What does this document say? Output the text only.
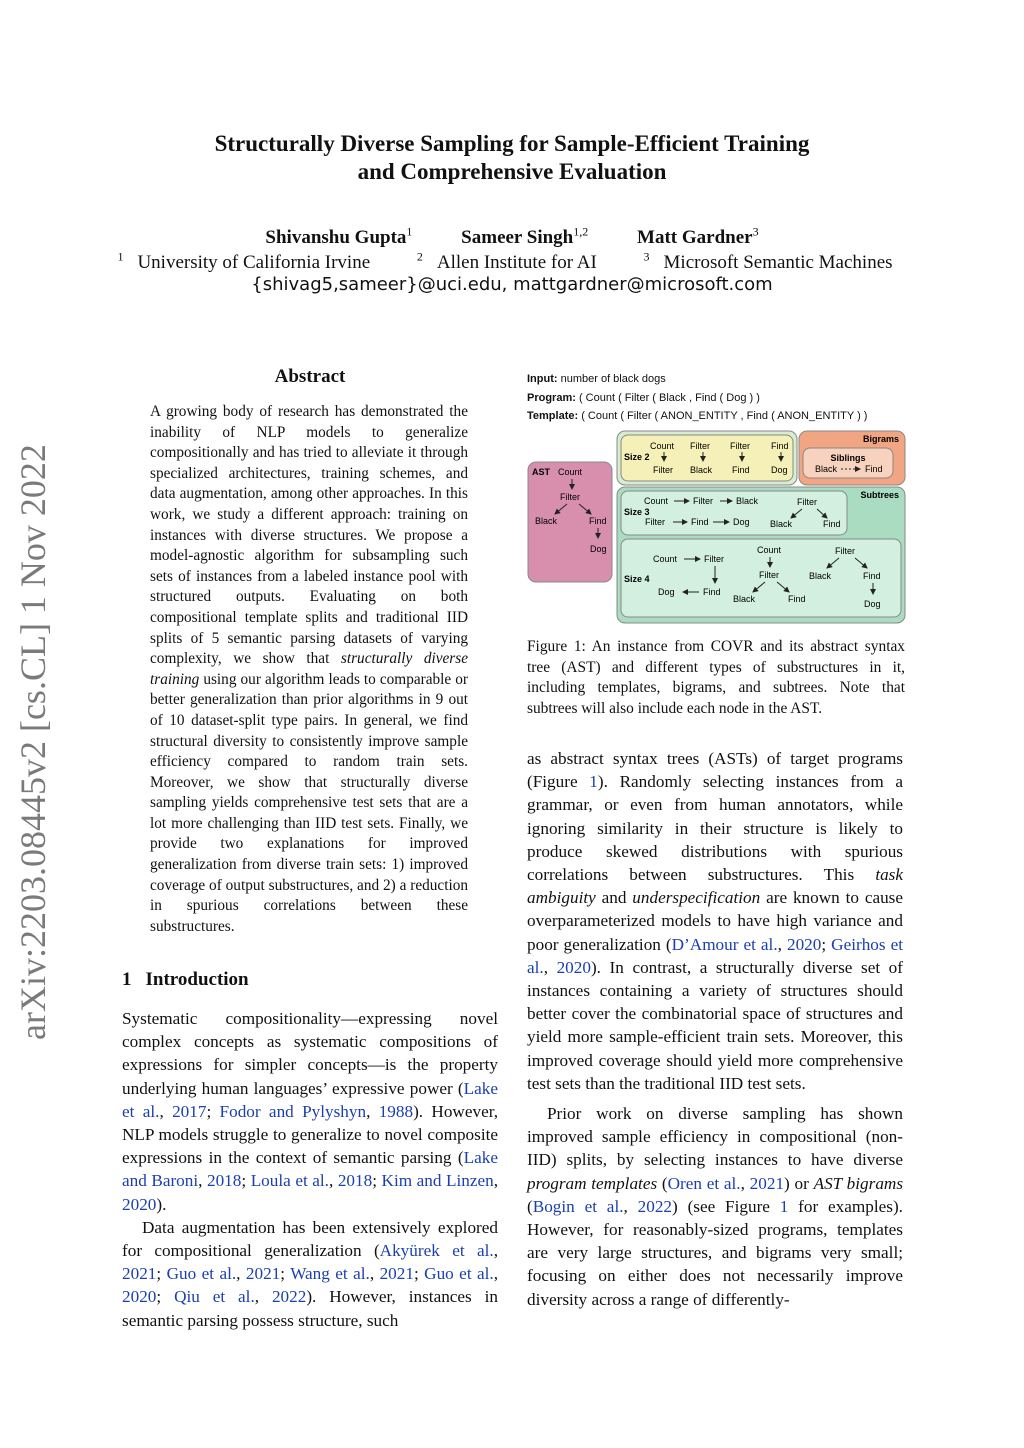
Structurally Diverse Sampling for Sample-Efficient Training
and Comprehensive Evaluation
Shivanshu Gupta$^1$	Sameer Singh$^{1,2}$	Matt Gardner$^3$
$^1$ University of California Irvine	$^2$ Allen Institute for AI	$^3$ Microsoft Semantic Machines
{shivag5,sameer}@uci.edu, mattgardner@microsoft.com
arXiv:2203.08445v2 [cs.CL] 1 Nov 2022
Abstract
A growing body of research has demonstrated the inability of NLP models to generalize compositionally and has tried to alleviate it through specialized architectures, training schemes, and data augmentation, among other approaches. In this work, we study a different approach: training on instances with diverse structures. We propose a model-agnostic algorithm for subsampling such sets of instances from a labeled instance pool with structured outputs. Evaluating on both compositional template splits and traditional IID splits of 5 semantic parsing datasets of varying complexity, we show that structurally diverse training using our algorithm leads to comparable or better generalization than prior algorithms in 9 out of 10 dataset-split type pairs. In general, we find structural diversity to consistently improve sample efficiency compared to random train sets. Moreover, we show that structurally diverse sampling yields comprehensive test sets that are a lot more challenging than IID test sets. Finally, we provide two explanations for improved generalization from diverse train sets: 1) improved coverage of output substructures, and 2) a reduction in spurious correlations between these substructures.
1 Introduction

Systematic compositionality—expressing novel complex concepts as systematic compositions of expressions for simpler concepts—is the property underlying human languages’ expressive power (Lake et al., 2017; Fodor and Pylyshyn, 1988). However, NLP models struggle to generalize to novel composite expressions in the context of semantic parsing (Lake and Baroni, 2018; Loula et al., 2018; Kim and Linzen, 2020).

Data augmentation has been extensively explored for compositional generalization (Akyürek et al., 2021; Guo et al., 2021; Wang et al., 2021; Guo et al., 2020; Qiu et al., 2022). However, instances in semantic parsing possess structure, such

Input: number of black dogs
Program: ( Count ( Filter ( Black , Find ( Dog ) )
Template: ( Count ( Filter ( ANON_ENTITY , Find ( ANON_ENTITY ) )
Bigrams
Siblings
Black	Find
Subtrees
Size 2
Count
Filter
Filter
Black
Filter
Find
Find
Dog
AST Count
Filter
Black	Find
Dog
Size 3
Count	Filter	Black
Filter	Find	Dog
Filter
Black	Find
Size 4
Count	Filter
Find
Dog
Count
Filter
Black	Find
Filter
Black	Find
Dog
Figure 1: An instance from COVR and its abstract syntax tree (AST) and different types of substructures in it, including templates, bigrams, and subtrees. Note that subtrees will also include each node in the AST.

as abstract syntax trees (ASTs) of target programs (Figure 1). Randomly selecting instances from a grammar, or even from human annotators, while ignoring similarity in their structure is likely to produce skewed distributions with spurious correlations between substructures. This task ambiguity and underspecification are known to cause overparameterized models to have high variance and poor generalization (D’Amour et al., 2020; Geirhos et al., 2020). In contrast, a structurally diverse set of instances containing a variety of structures should better cover the combinatorial space of structures and yield more sample-efficient train sets. Moreover, this improved coverage should yield more comprehensive test sets than the traditional IID test sets.

Prior work on diverse sampling has shown improved sample efficiency in compositional (non-IID) splits, by selecting instances to have diverse program templates (Oren et al., 2021) or AST bigrams (Bogin et al., 2022) (see Figure 1 for examples). However, for reasonably-sized programs, templates are very large structures, and bigrams very small; focusing on either does not necessarily improve diversity across a range of differently-
